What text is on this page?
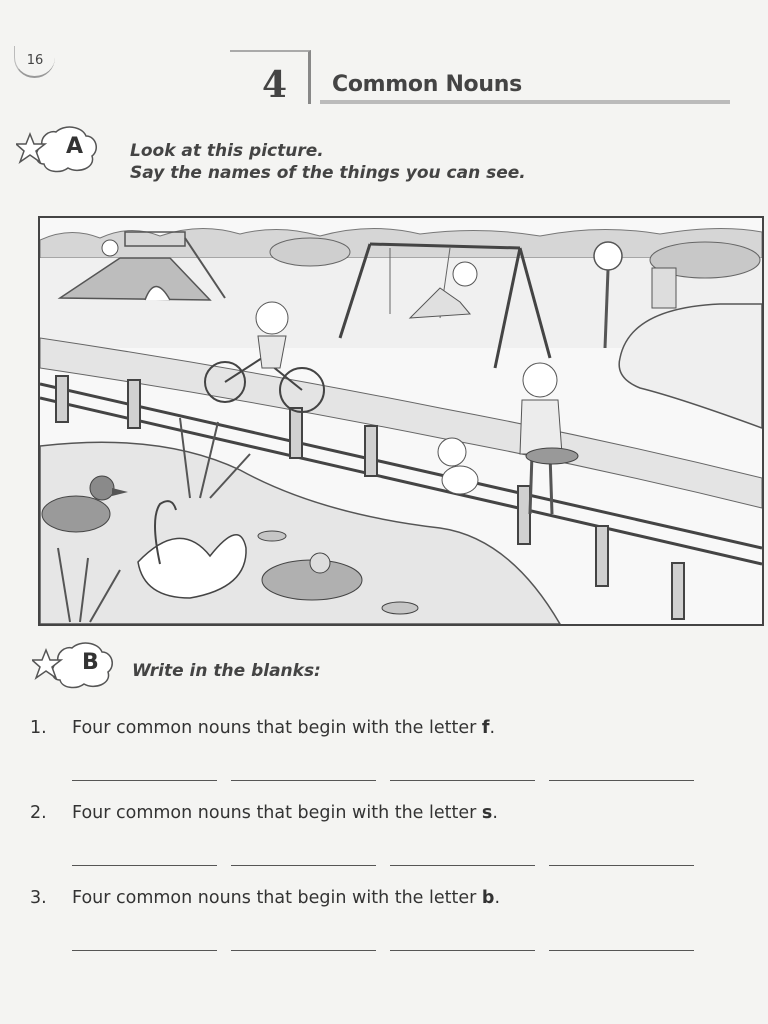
16
4 Common Nouns
A	Look at this picture.
Say the names of the things you can see.
B Write in the blanks:
1. Four common nouns that begin with the letter f.
2. Four common nouns that begin with the letter s.
3. Four common nouns that begin with the letter b.
